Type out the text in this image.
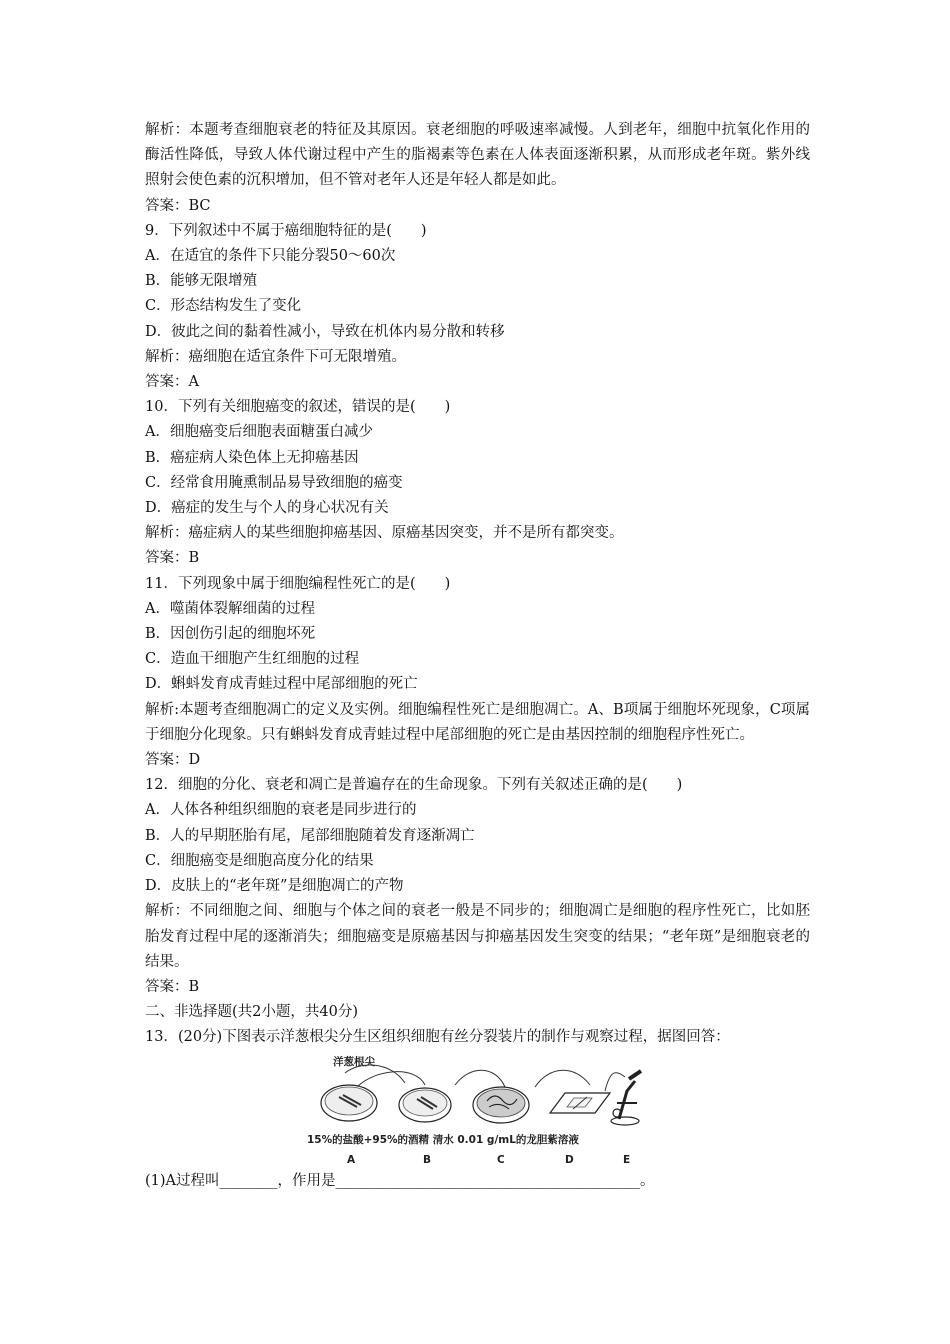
解析：本题考查细胞衰老的特征及其原因。衰老细胞的呼吸速率减慢。人到老年，细胞中抗氧化作用的酶活性降低，导致人体代谢过程中产生的脂褐素等色素在人体表面逐渐积累，从而形成老年斑。紫外线照射会使色素的沉积增加，但不管对老年人还是年轻人都是如此。
答案：BC
9．下列叙述中不属于癌细胞特征的是(　　)
A．在适宜的条件下只能分裂50～60次
B．能够无限增殖
C．形态结构发生了变化
D．彼此之间的黏着性减小，导致在机体内易分散和转移
解析：癌细胞在适宜条件下可无限增殖。
答案：A
10．下列有关细胞癌变的叙述，错误的是(　　)
A．细胞癌变后细胞表面糖蛋白减少
B．癌症病人染色体上无抑癌基因
C．经常食用腌熏制品易导致细胞的癌变
D．癌症的发生与个人的身心状况有关
解析：癌症病人的某些细胞抑癌基因、原癌基因突变，并不是所有都突变。
答案：B
11．下列现象中属于细胞编程性死亡的是(　　)
A．噬菌体裂解细菌的过程
B．因创伤引起的细胞坏死
C．造血干细胞产生红细胞的过程
D．蝌蚪发育成青蛙过程中尾部细胞的死亡
解析:本题考查细胞凋亡的定义及实例。细胞编程性死亡是细胞凋亡。A、B项属于细胞坏死现象，C项属于细胞分化现象。只有蝌蚪发育成青蛙过程中尾部细胞的死亡是由基因控制的细胞程序性死亡。
答案：D
12．细胞的分化、衰老和凋亡是普遍存在的生命现象。下列有关叙述正确的是(　　)
A．人体各种组织细胞的衰老是同步进行的
B．人的早期胚胎有尾，尾部细胞随着发育逐渐凋亡
C．细胞癌变是细胞高度分化的结果
D．皮肤上的“老年斑”是细胞凋亡的产物
解析：不同细胞之间、细胞与个体之间的衰老一般是不同步的；细胞凋亡是细胞的程序性死亡，比如胚胎发育过程中尾的逐渐消失；细胞癌变是原癌基因与抑癌基因发生突变的结果；“老年斑”是细胞衰老的结果。
答案：B
二、非选择题(共2小题，共40分)
13．(20分)下图表示洋葱根尖分生区组织细胞有丝分裂装片的制作与观察过程，据图回答：
洋葱根尖
15%的盐酸+95%的酒精 清水 0.01 g/mL的龙胆紫溶液
A	B	C	D	E
(1)A过程叫________，作用是__________________________________________。
